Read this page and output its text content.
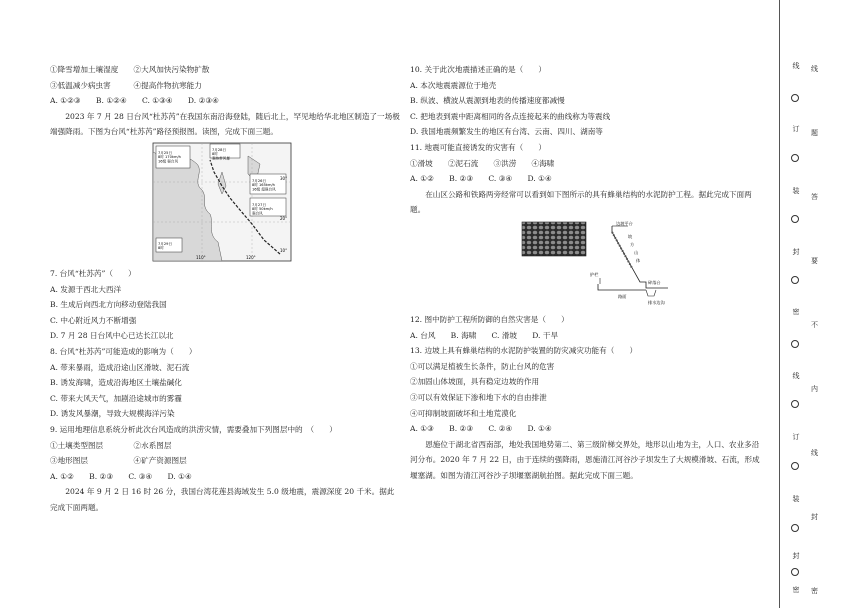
①降雪增加土壤湿度　　②大风加快污染物扩散
③低温减少病虫害　　　④提高作物抗寒能力
A. ①②③　　B. ①②④　　C. ①③④　　D. ②③④
2023 年 7 月 28 日台风“杜苏芮”在我国东南沿海登陆，随后北上，罕见地给华北地区制造了一场极端强降雨。下图为台风“杜苏芮”路径预报图。读图，完成下面三题。
7月25日 8时 170km/h 16级 强台风
7月26日 8时 165km/h 16级 超强台风
7月27日 8时 50km/h 强台风
7月28日 8时强热带风暴
7月29日 8时
110°	120°
30°
20°
10°
7. 台风“杜苏芮”（　　）
A. 发源于西北大西洋
B. 生成后向西北方向移动登陆我国
C. 中心附近风力不断增强
D. 7 月 28 日台风中心已达长江以北
8. 台风“杜苏芮”可能造成的影响为（　　）
A. 带来暴雨，造成沿途山区滑坡、泥石流
B. 诱发海啸，造成沿海地区土壤盐碱化
C. 带来大风天气，加剧沿途城市的雾霾
D. 诱发风暴潮，导致大规模海洋污染
9. 运用地理信息系统分析此次台风造成的洪涝灾情，需要叠加下列图层中的　（　　）
①土壤类型图层　　　　②水系图层
③地形图层　　　　　　④矿产资源图层
A. ①②　　B. ②③　　C. ③④　　D. ①④
2024 年 9 月 2 日 16 时 26 分，我国台湾花莲县海域发生 5.0 级地震，震源深度 20 千米。据此完成下面两题。
10. 关于此次地震描述正确的是（　　）
A. 本次地震震源位于地壳
B. 纵波、横波从震源到地表的传播速度都减慢
C. 把地表到震中距离相同的各点连接起来的曲线称为等震线
D. 我国地震频繁发生的地区有台湾、云南、四川、湖南等
11. 地震可能直接诱发的灾害有（　　）
①滑坡　　②泥石流　　③洪涝　　④海啸
A. ①②　　B. ②③　　C. ③④　　D. ①④
在山区公路和铁路两旁经常可以看到如下图所示的具有蜂巢结构的水泥防护工程。据此完成下面两题。
边坡平台
坡
方
山
体
护栏
路面
碎落台
排水边沟
12. 图中防护工程所防御的自然灾害是（　　）
A. 台风　　B. 海啸　　C. 滑坡　　D. 干旱
13. 边坡上具有蜂巢结构的水泥防护装置的防灾减灾功能有（　　）
①可以满足植被生长条件，防止台风的危害
②加固山体坡面，具有稳定边坡的作用
③可以有效保证下渗和地下水的自由排泄
④可抑制坡面破坏和土地荒漠化
A. ①③　　B. ②③　　C. ②④　　D. ①④
恩施位于湖北省西南部，地处我国地势第二、第三级阶梯交界处，地形以山地为主，人口、农业多沿河分布。2020 年 7 月 22 日，由于连续的强降雨，恩施清江河谷沙子坝发生了大规模滑坡、石流，形成堰塞湖。如图为清江河谷沙子坝堰塞湖航拍图。据此完成下面三题。
线
订
装
封
密
线
订
装
封
密
线
题
答
要
不
内
线
封
密
